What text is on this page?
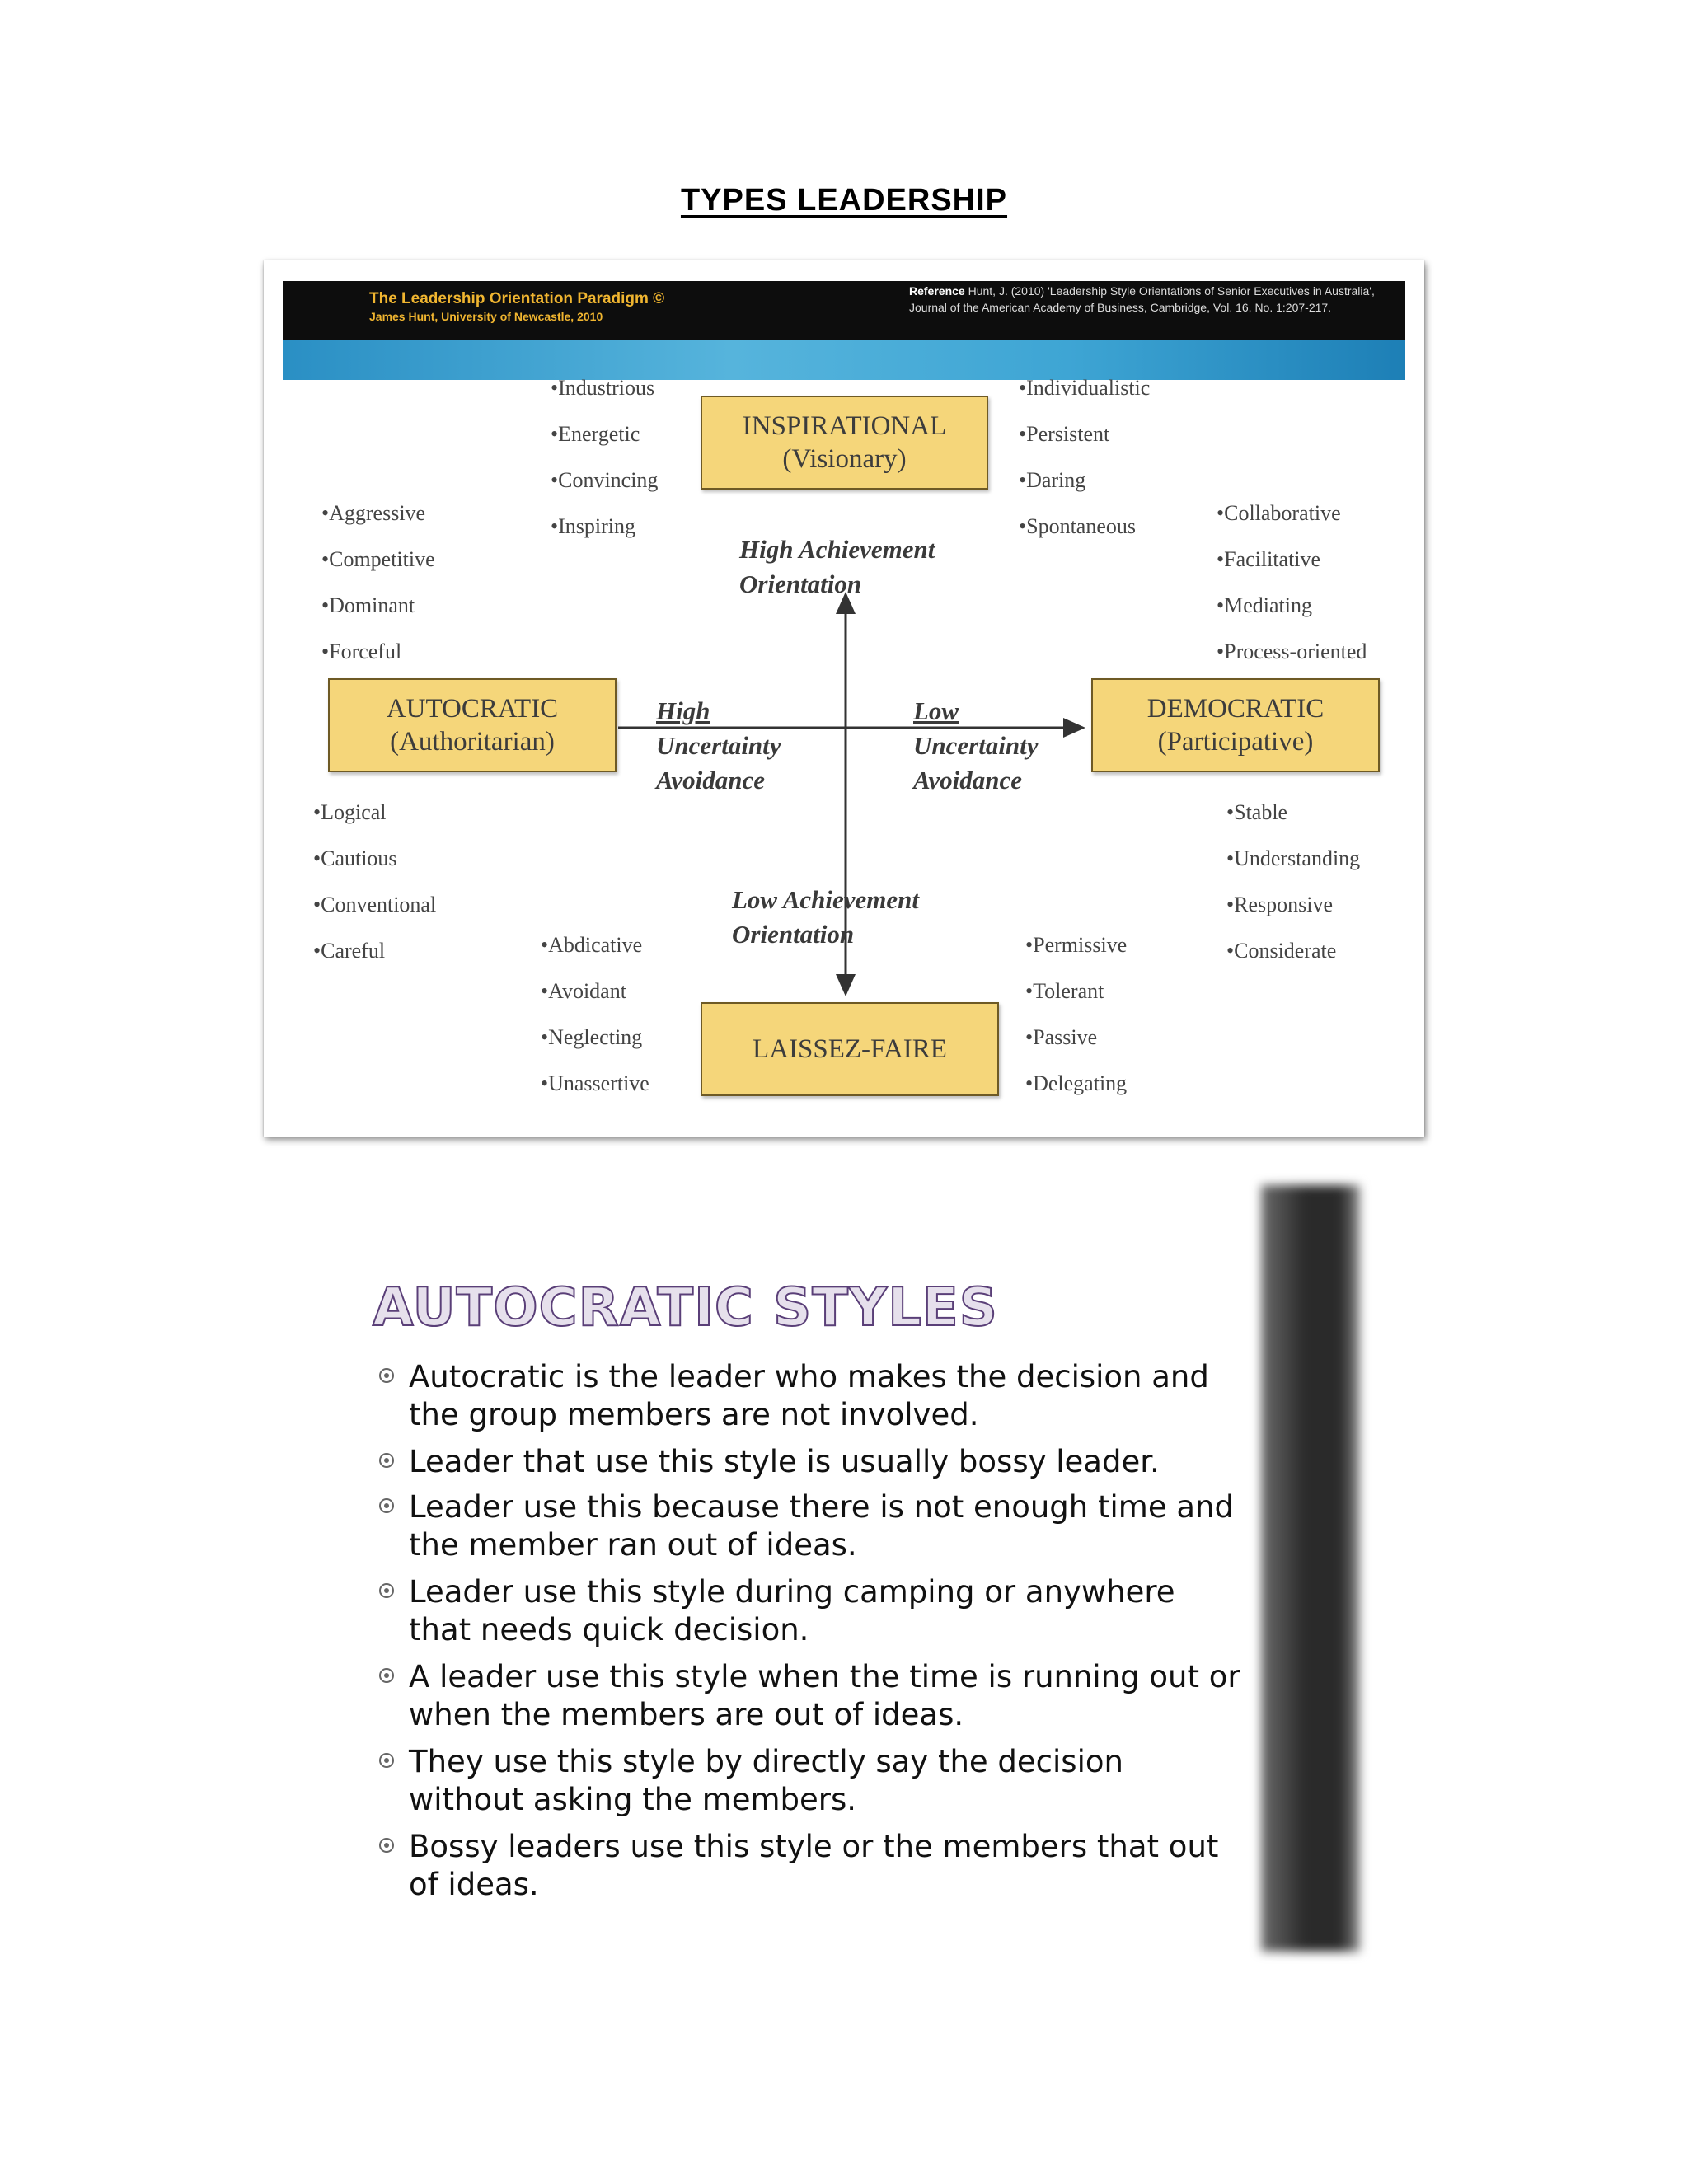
TYPES LEADERSHIP
The Leadership Orientation Paradigm ©
James Hunt, University of Newcastle, 2010
Reference Hunt, J. (2010) 'Leadership Style Orientations of Senior Executives in Australia', Journal of the American Academy of Business, Cambridge, Vol. 16, No. 1:207-217.
INSPIRATIONAL
(Visionary)
AUTOCRATIC
(Authoritarian)
DEMOCRATIC
(Participative)
LAISSEZ-FAIRE
High Achievement
Orientation
Low Achievement
Orientation
High
Uncertainty
Avoidance
Low
Uncertainty
Avoidance
•Industrious
•Energetic
•Convincing
•Inspiring
•Individualistic
•Persistent
•Daring
•Spontaneous
•Aggressive
•Competitive
•Dominant
•Forceful
•Logical
•Cautious
•Conventional
•Careful
•Collaborative
•Facilitative
•Mediating
•Process-oriented
•Stable
•Understanding
•Responsive
•Considerate
•Abdicative
•Avoidant
•Neglecting
•Unassertive
•Permissive
•Tolerant
•Passive
•Delegating
AUTOCRATIC STYLES
Autocratic is the leader who makes the decision and the group members are not involved.
Leader that use this style is usually bossy leader.
Leader use this because there is not enough time and the member ran out of ideas.
Leader use this style during camping or anywhere that needs quick decision.
A leader use this style when the time is running out or when the members are out of ideas.
They use this style by directly say the decision without asking the members.
Bossy leaders use this style or the members that out of ideas.
